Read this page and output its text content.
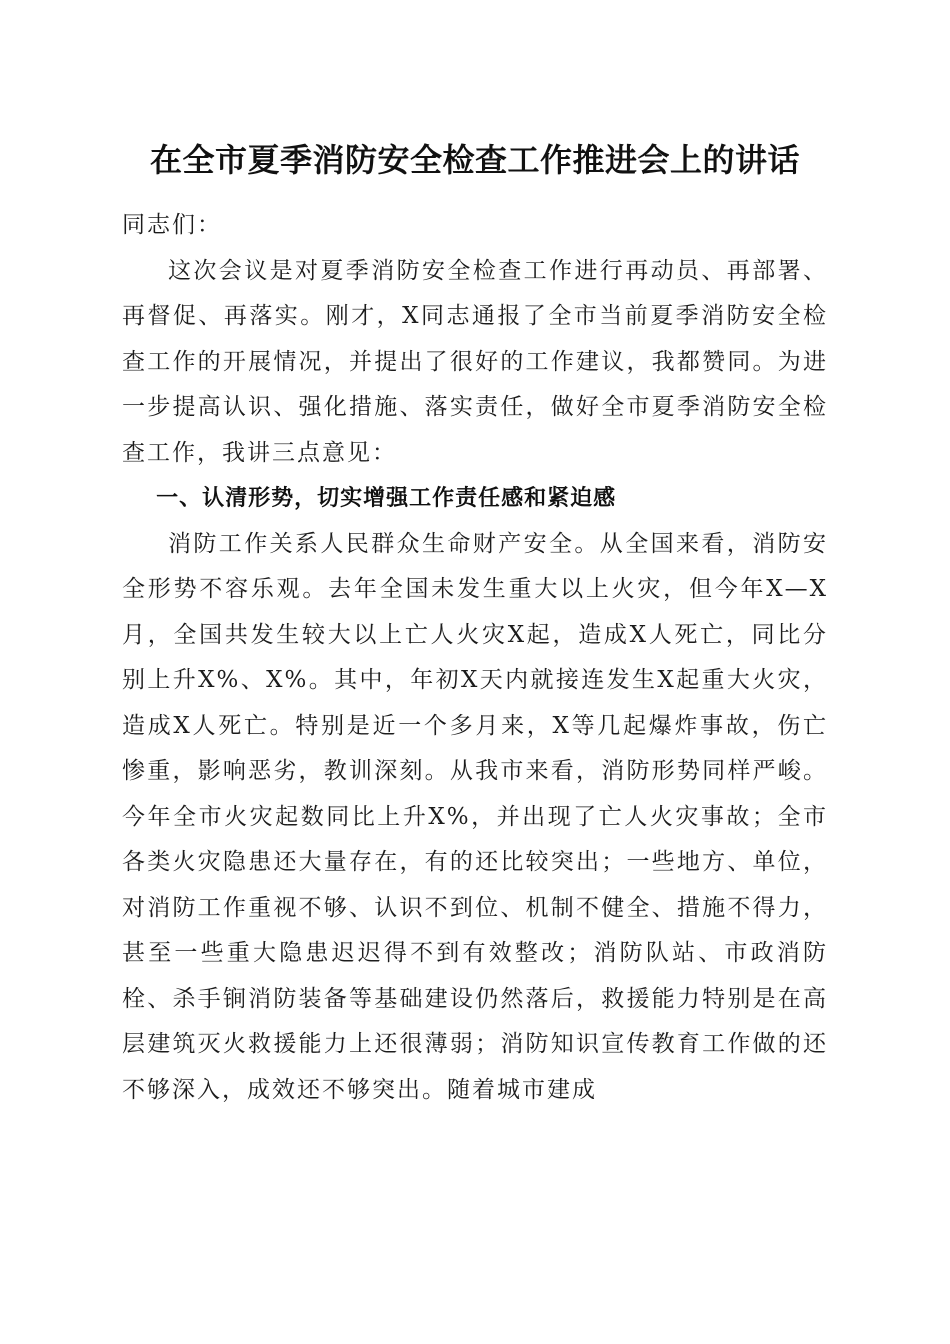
在全市夏季消防安全检查工作推进会上的讲话

同志们：

这次会议是对夏季消防安全检查工作进行再动员、再部署、再督促、再落实。刚才，X同志通报了全市当前夏季消防安全检查工作的开展情况，并提出了很好的工作建议，我都赞同。为进一步提高认识、强化措施、落实责任，做好全市夏季消防安全检查工作，我讲三点意见：

一、认清形势，切实增强工作责任感和紧迫感

消防工作关系人民群众生命财产安全。从全国来看，消防安全形势不容乐观。去年全国未发生重大以上火灾，但今年X—X月，全国共发生较大以上亡人火灾X起，造成X人死亡，同比分别上升X%、X%。其中，年初X天内就接连发生X起重大火灾，造成X人死亡。特别是近一个多月来，X等几起爆炸事故，伤亡惨重，影响恶劣，教训深刻。从我市来看，消防形势同样严峻。今年全市火灾起数同比上升X%，并出现了亡人火灾事故；全市各类火灾隐患还大量存在，有的还比较突出；一些地方、单位，对消防工作重视不够、认识不到位、机制不健全、措施不得力，甚至一些重大隐患迟迟得不到有效整改；消防队站、市政消防栓、杀手锏消防装备等基础建设仍然落后，救援能力特别是在高层建筑灭火救援能力上还很薄弱；消防知识宣传教育工作做的还不够深入，成效还不够突出。随着城市建成
